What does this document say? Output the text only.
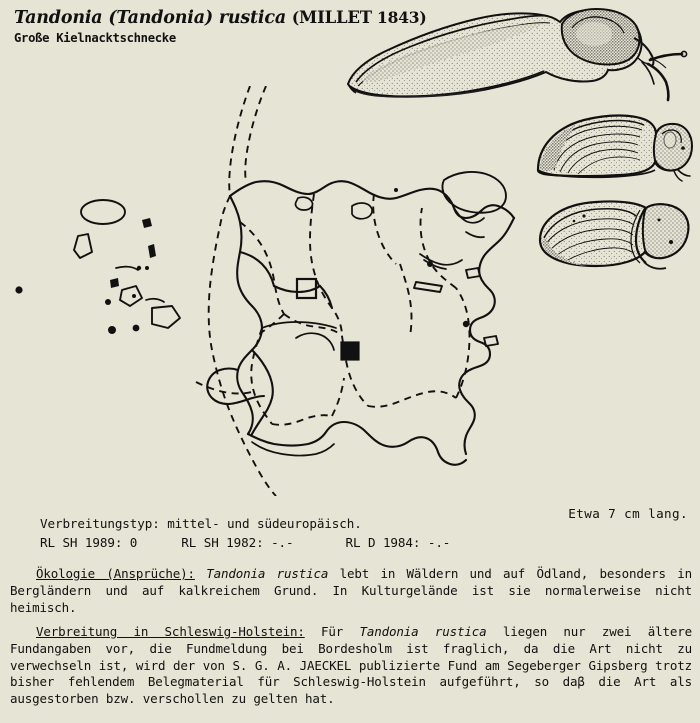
Tandonia (Tandonia) rustica (MILLET 1843)
Große Kielnacktschnecke
Etwa 7 cm lang.
Verbreitungstyp: mittel- und südeuropäisch.
RL SH 1989: 0	RL SH 1982: -.-	RL D 1984: -.-
Ökologie (Ansprüche): Tandonia rustica lebt in Wäldern und auf Ödland, besonders in Bergländern und auf kalkreichem Grund. In Kulturgelände ist sie normalerweise nicht heimisch.
Verbreitung in Schleswig-Holstein: Für Tandonia rustica liegen nur zwei ältere Fundangaben vor, die Fundmeldung bei Bordesholm ist fraglich, da die Art nicht zu verwechseln ist, wird der von S. G. A. JAECKEL publizierte Fund am Segeberger Gipsberg trotz bisher fehlendem Belegmaterial für Schleswig-Holstein aufgeführt, so daβ die Art als ausgestorben bzw. verschollen zu gelten hat.
